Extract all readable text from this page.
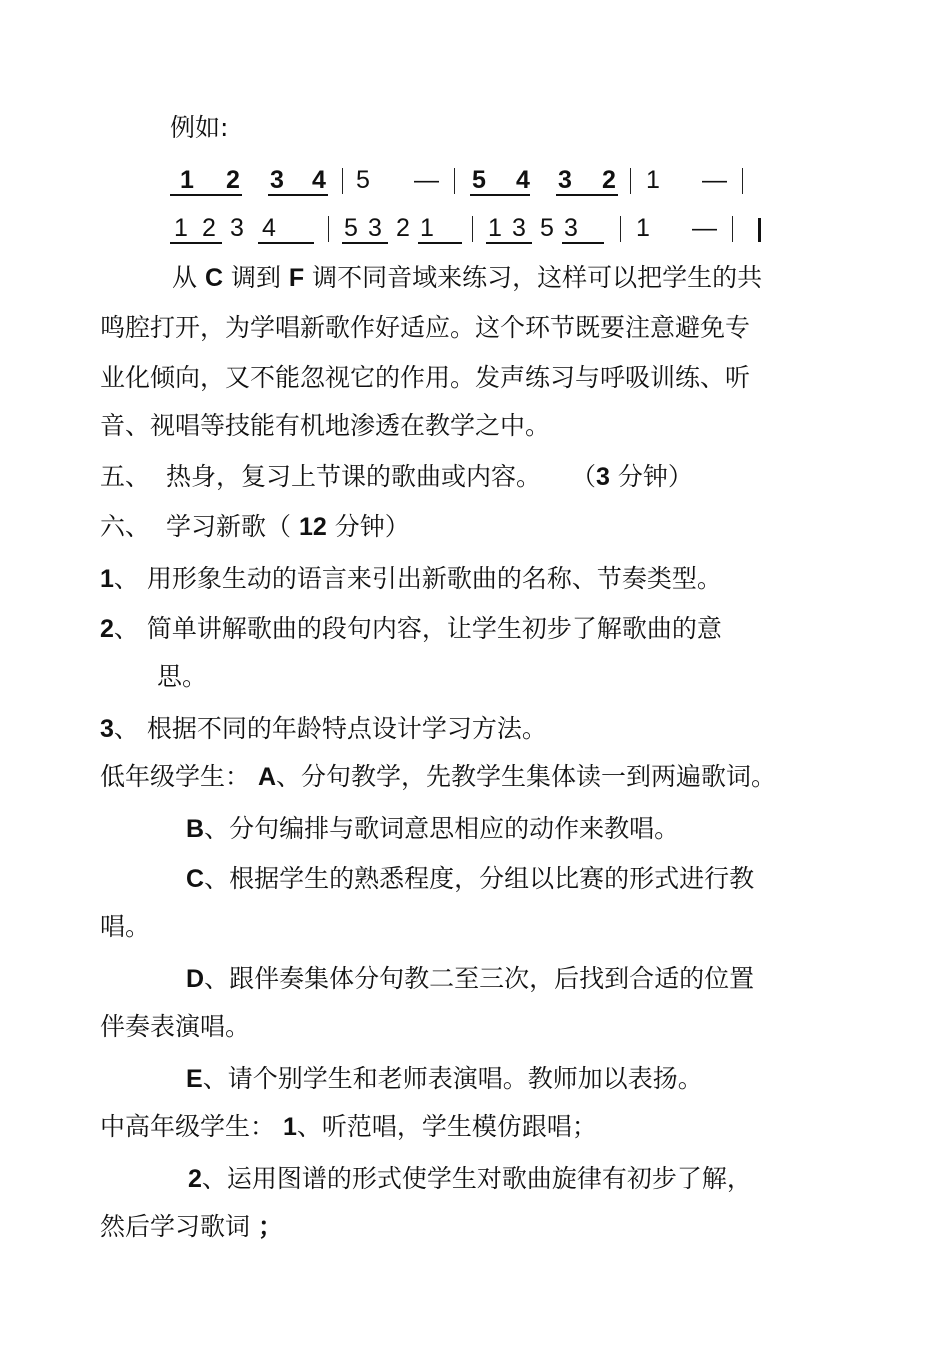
例如:
1 2 3 4 5 — 5 4 3 2 1 —
1 2 3 4	5 3 2 1 1 3 5 3 1 —
从 C 调到 F 调不同音域来练习，这样可以把学生的共
鸣腔打开，为学唱新歌作好适应。这个环节既要注意避免专
业化倾向，又不能忽视它的作用。发声练习与呼吸训练、听
音、视唱等技能有机地渗透在教学之中。
五、 热身，复习上节课的歌曲或内容。 （3 分钟）
六、 学习新歌（ 12 分钟）
1、 用形象生动的语言来引出新歌曲的名称、节奏类型。
2、 简单讲解歌曲的段句内容，让学生初步了解歌曲的意
思。
3、 根据不同的年龄特点设计学习方法。
低年级学生： A、分句教学，先教学生集体读一到两遍歌词。
B、分句编排与歌词意思相应的动作来教唱。
C、根据学生的熟悉程度，分组以比赛的形式进行教
唱。
D、跟伴奏集体分句教二至三次，后找到合适的位置
伴奏表演唱。
E、请个别学生和老师表演唱。教师加以表扬。
中高年级学生： 1、听范唱，学生模仿跟唱；
2、运用图谱的形式使学生对歌曲旋律有初步了解，
然后学习歌词 ；
